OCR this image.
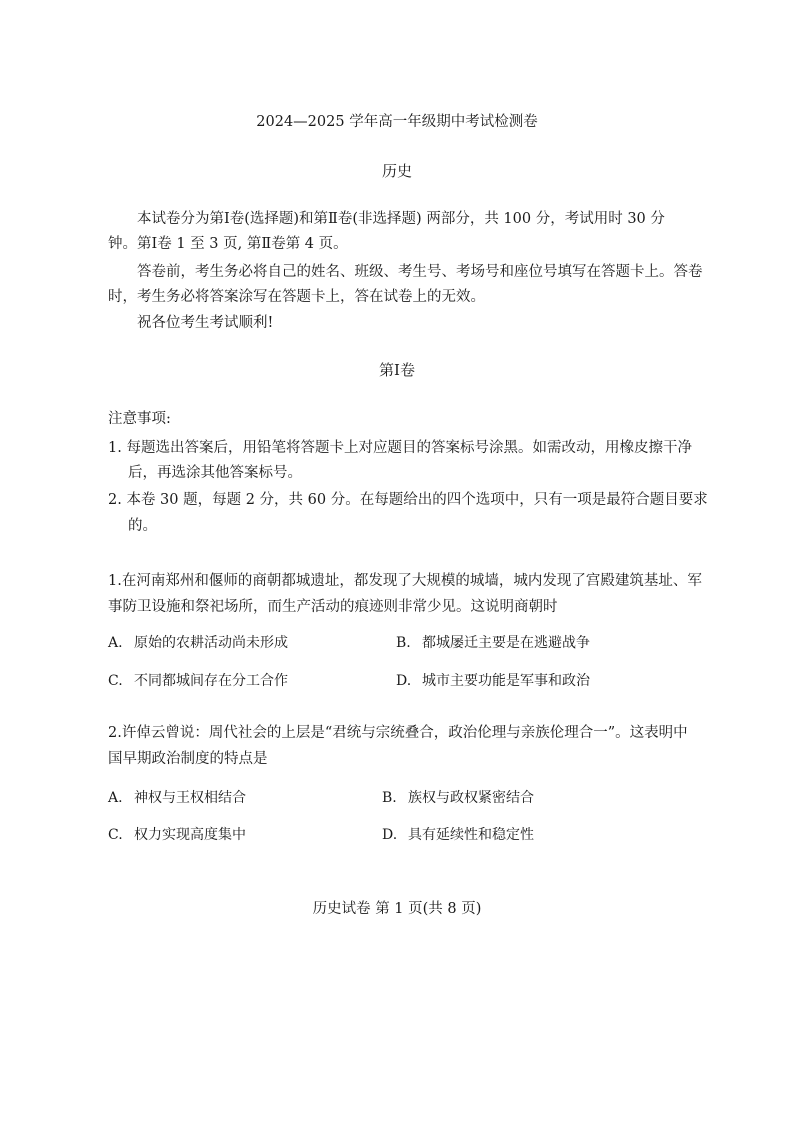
2024—2025 学年高一年级期中考试检测卷
历史
本试卷分为第Ⅰ卷(选择题)和第Ⅱ卷(非选择题) 两部分，共 100 分，考试用时 30 分
钟。第Ⅰ卷 1 至 3 页, 第Ⅱ卷第 4 页。
答卷前，考生务必将自己的姓名、班级、考生号、考场号和座位号填写在答题卡上。答卷
时，考生务必将答案涂写在答题卡上，答在试卷上的无效。
祝各位考生考试顺利!
第Ⅰ卷
注意事项:
1. 每题选出答案后，用铅笔将答题卡上对应题目的答案标号涂黑。如需改动，用橡皮擦干净
后，再选涂其他答案标号。
2. 本卷 30 题，每题 2 分，共 60 分。在每题给出的四个选项中，只有一项是最符合题目要求
的。
1.在河南郑州和偃师的商朝都城遗址，都发现了大规模的城墙，城内发现了宫殿建筑基址、军
事防卫设施和祭祀场所，而生产活动的痕迹则非常少见。这说明商朝时
A. 原始的农耕活动尚未形成	B. 都城屡迁主要是在逃避战争
C. 不同都城间存在分工合作	D. 城市主要功能是军事和政治
2.许倬云曾说：周代社会的上层是“君统与宗统叠合，政治伦理与亲族伦理合一”。这表明中
国早期政治制度的特点是
A. 神权与王权相结合	B. 族权与政权紧密结合
C. 权力实现高度集中	D. 具有延续性和稳定性
历史试卷 第 1 页(共 8 页)
